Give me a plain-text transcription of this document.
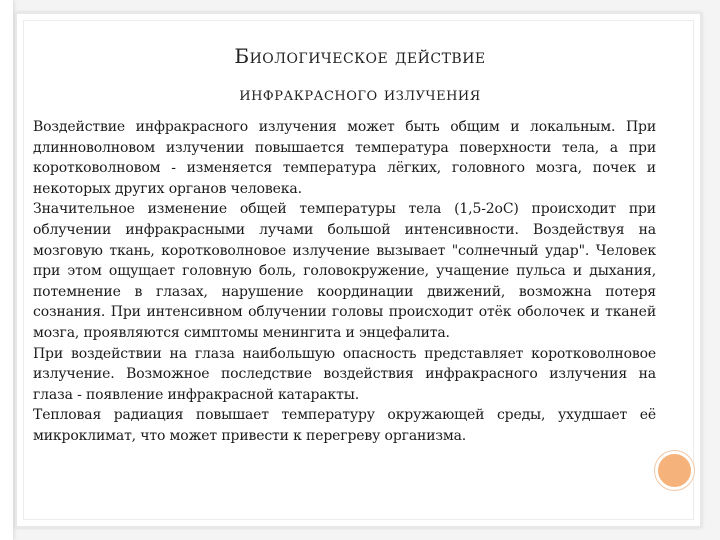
Биологическое действие
инфракрасного излучения

Воздействие инфракрасного излучения может быть общим и локальным. При длинноволновом излучении повышается температура поверхности тела, а при коротковолновом - изменяется температура лёгких, головного мозга, почек и некоторых других органов человека.

Значительное изменение общей температуры тела (1,5-2оС) происходит при облучении инфракрасными лучами большой интенсивности. Воздействуя на мозговую ткань, коротковолновое излучение вызывает "солнечный удар". Человек при этом ощущает головную боль, головокружение, учащение пульса и дыхания, потемнение в глазах, нарушение координации движений, возможна потеря сознания. При интенсивном облучении головы происходит отёк оболочек и тканей мозга, проявляются симптомы менингита и энцефалита.

При воздействии на глаза наибольшую опасность представляет коротковолновое излучение. Возможное последствие воздействия инфракрасного излучения на глаза - появление инфракрасной катаракты.

Тепловая радиация повышает температуру окружающей среды, ухудшает её микроклимат, что может привести к перегреву организма.
